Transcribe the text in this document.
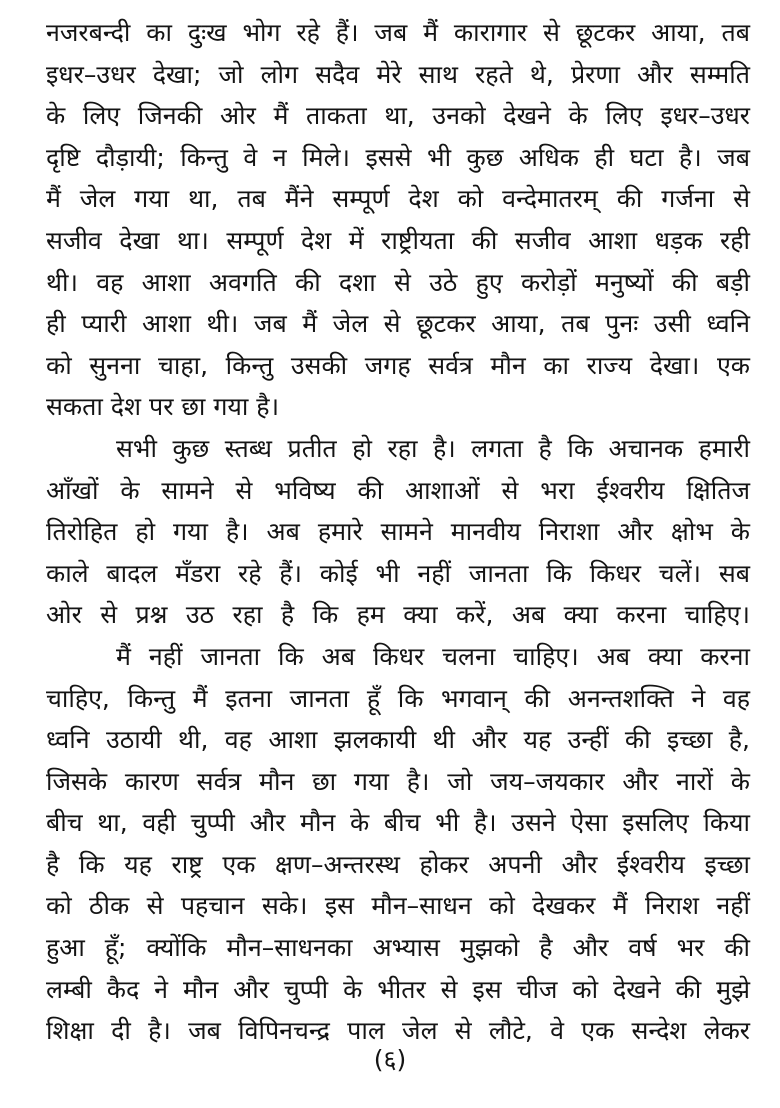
नजरबन्दी का दुःख भोग रहे हैं। जब मैं कारागार से छूटकर आया, तब
इधर–उधर देखा; जो लोग सदैव मेरे साथ रहते थे, प्रेरणा और सम्मति
के लिए जिनकी ओर मैं ताकता था, उनको देखने के लिए इधर–उधर
दृष्टि दौड़ायी; किन्तु वे न मिले। इससे भी कुछ अधिक ही घटा है। जब
मैं जेल गया था, तब मैंने सम्पूर्ण देश को वन्देमातरम् की गर्जना से
सजीव देखा था। सम्पूर्ण देश में राष्ट्रीयता की सजीव आशा धड़क रही
थी। वह आशा अवगति की दशा से उठे हुए करोड़ों मनुष्यों की बड़ी
ही प्यारी आशा थी। जब मैं जेल से छूटकर आया, तब पुनः उसी ध्वनि
को सुनना चाहा, किन्तु उसकी जगह सर्वत्र मौन का राज्य देखा। एक
सकता देश पर छा गया है।
सभी कुछ स्तब्ध प्रतीत हो रहा है। लगता है कि अचानक हमारी
आँखों के सामने से भविष्य की आशाओं से भरा ईश्वरीय क्षितिज
तिरोहित हो गया है। अब हमारे सामने मानवीय निराशा और क्षोभ के
काले बादल मँडरा रहे हैं। कोई भी नहीं जानता कि किधर चलें। सब
ओर से प्रश्न उठ रहा है कि हम क्या करें, अब क्या करना चाहिए।
मैं नहीं जानता कि अब किधर चलना चाहिए। अब क्या करना
चाहिए, किन्तु मैं इतना जानता हूँ कि भगवान् की अनन्तशक्ति ने वह
ध्वनि उठायी थी, वह आशा झलकायी थी और यह उन्हीं की इच्छा है,
जिसके कारण सर्वत्र मौन छा गया है। जो जय–जयकार और नारों के
बीच था, वही चुप्पी और मौन के बीच भी है। उसने ऐसा इसलिए किया
है कि यह राष्ट्र एक क्षण–अन्तरस्थ होकर अपनी और ईश्वरीय इच्छा
को ठीक से पहचान सके। इस मौन–साधन को देखकर मैं निराश नहीं
हुआ हूँ; क्योंकि मौन–साधनका अभ्यास मुझको है और वर्ष भर की
लम्बी कैद ने मौन और चुप्पी के भीतर से इस चीज को देखने की मुझे
शिक्षा दी है। जब विपिनचन्द्र पाल जेल से लौटे, वे एक सन्देश लेकर
(६)
